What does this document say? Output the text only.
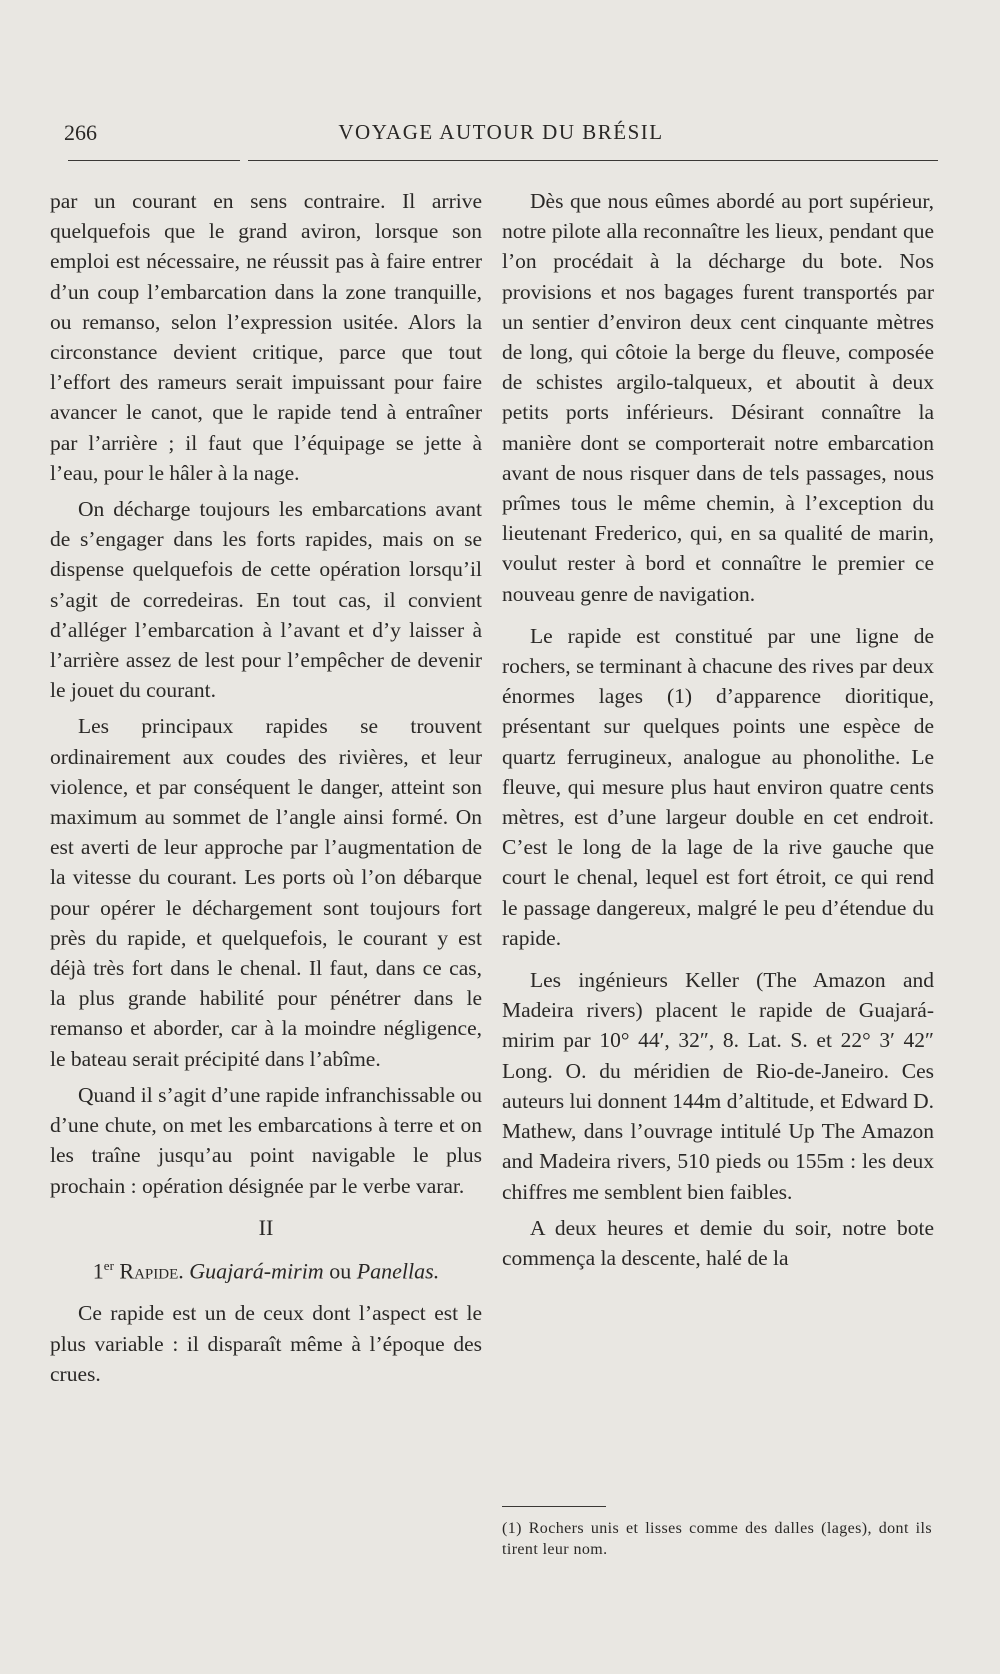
266	VOYAGE AUTOUR DU BRÉSIL

par un courant en sens contraire. Il arrive quelquefois que le grand aviron, lorsque son emploi est nécessaire, ne réussit pas à faire entrer d’un coup l’embarcation dans la zone tranquille, ou remanso, selon l’expression usitée. Alors la circonstance devient critique, parce que tout l’effort des rameurs serait impuissant pour faire avancer le canot, que le rapide tend à entraîner par l’arrière ; il faut que l’équipage se jette à l’eau, pour le hâler à la nage.

On décharge toujours les embarcations avant de s’engager dans les forts rapides, mais on se dispense quelquefois de cette opération lorsqu’il s’agit de corredeiras. En tout cas, il convient d’alléger l’embarcation à l’avant et d’y laisser à l’arrière assez de lest pour l’empêcher de devenir le jouet du courant.

Les principaux rapides se trouvent ordinairement aux coudes des rivières, et leur violence, et par conséquent le danger, atteint son maximum au sommet de l’angle ainsi formé. On est averti de leur approche par l’augmentation de la vitesse du courant. Les ports où l’on débarque pour opérer le déchargement sont toujours fort près du rapide, et quelquefois, le courant y est déjà très fort dans le chenal. Il faut, dans ce cas, la plus grande habilité pour pénétrer dans le remanso et aborder, car à la moindre négligence, le bateau serait précipité dans l’abîme.

Quand il s’agit d’une rapide infranchissable ou d’une chute, on met les embarcations à terre et on les traîne jusqu’au point navigable le plus prochain : opération désignée par le verbe varar.

II
1er Rapide. Guajará-mirim ou Panellas.

Ce rapide est un de ceux dont l’aspect est le plus variable : il disparaît même à l’époque des crues.

Dès que nous eûmes abordé au port supérieur, notre pilote alla reconnaître les lieux, pendant que l’on procédait à la décharge du bote. Nos provisions et nos bagages furent transportés par un sentier d’environ deux cent cinquante mètres de long, qui côtoie la berge du fleuve, composée de schistes argilo-talqueux, et aboutit à deux petits ports inférieurs. Désirant connaître la manière dont se comporterait notre embarcation avant de nous risquer dans de tels passages, nous prîmes tous le même chemin, à l’exception du lieutenant Frederico, qui, en sa qualité de marin, voulut rester à bord et connaître le premier ce nouveau genre de navigation.

Le rapide est constitué par une ligne de rochers, se terminant à chacune des rives par deux énormes lages (1) d’apparence dioritique, présentant sur quelques points une espèce de quartz ferrugineux, analogue au phonolithe. Le fleuve, qui mesure plus haut environ quatre cents mètres, est d’une largeur double en cet endroit. C’est le long de la lage de la rive gauche que court le chenal, lequel est fort étroit, ce qui rend le passage dangereux, malgré le peu d’étendue du rapide.

Les ingénieurs Keller (The Amazon and Madeira rivers) placent le rapide de Guajará-mirim par 10° 44′, 32″, 8. Lat. S. et 22° 3′ 42″ Long. O. du méridien de Rio-de-Janeiro. Ces auteurs lui donnent 144m d’altitude, et Edward D. Mathew, dans l’ouvrage intitulé Up The Amazon and Madeira rivers, 510 pieds ou 155m : les deux chiffres me semblent bien faibles.

A deux heures et demie du soir, notre bote commença la descente, halé de la

(1) Rochers unis et lisses comme des dalles (lages), dont ils tirent leur nom.
